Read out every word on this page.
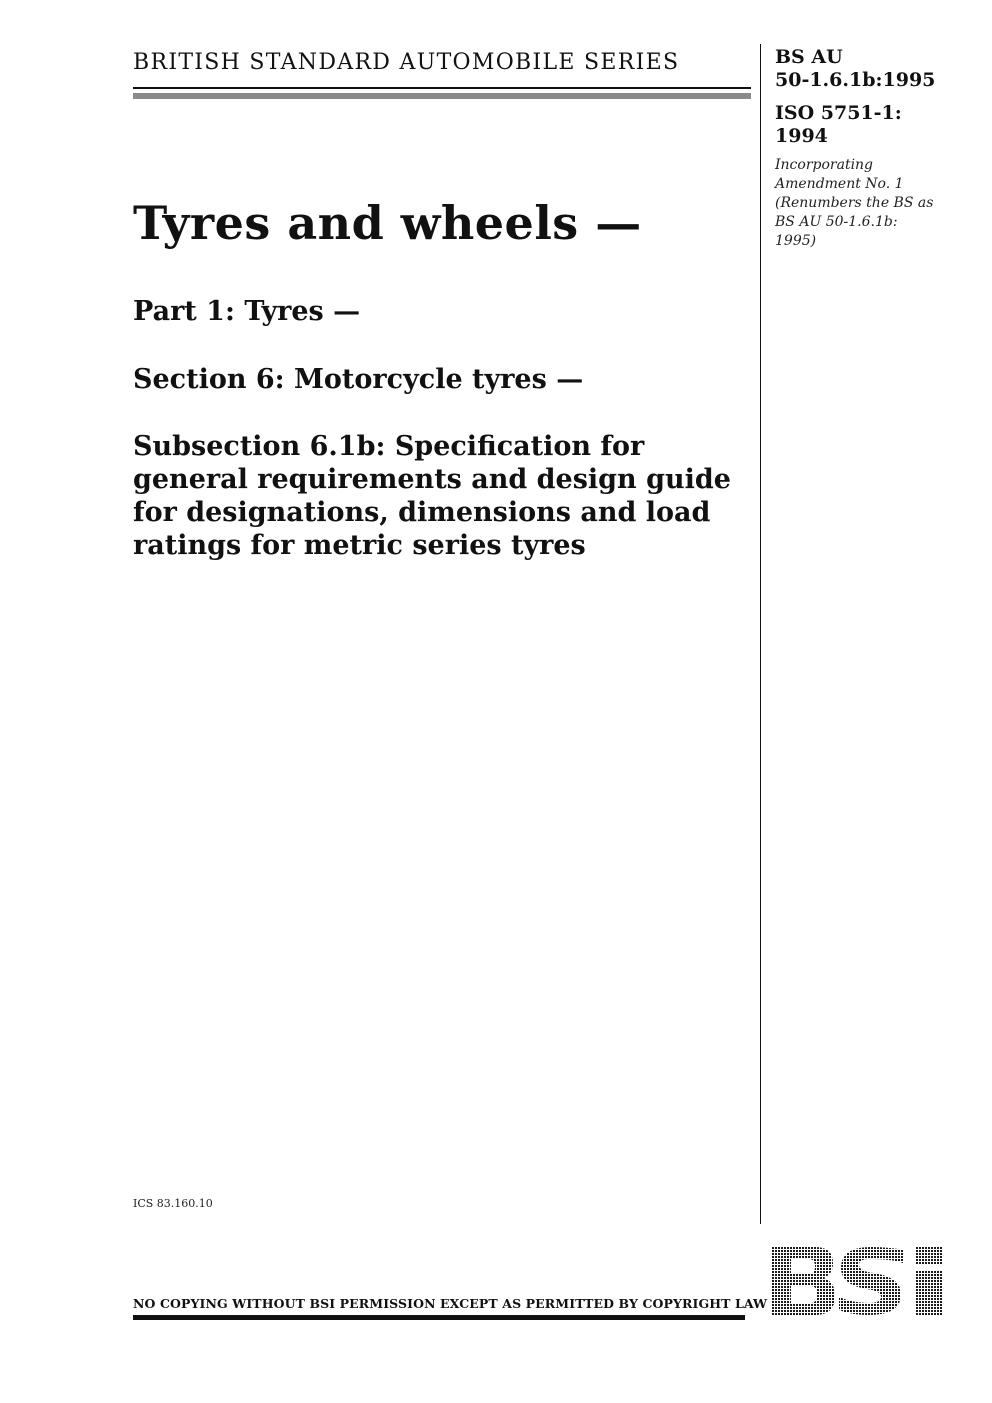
BRITISH STANDARD AUTOMOBILE SERIES	BS AU
50-1.6.1b:1995
ISO 5751-1:
1994
Incorporating
Amendment No. 1
(Renumbers the BS as
BS AU 50-1.6.1b:
1995)
Tyres and wheels —
Part 1: Tyres —
Section 6: Motorcycle tyres —
Subsection 6.1b: Specification for general requirements and design guide for designations, dimensions and load ratings for metric series tyres
ICS 83.160.10
NO COPYING WITHOUT BSI PERMISSION EXCEPT AS PERMITTED BY COPYRIGHT LAW
